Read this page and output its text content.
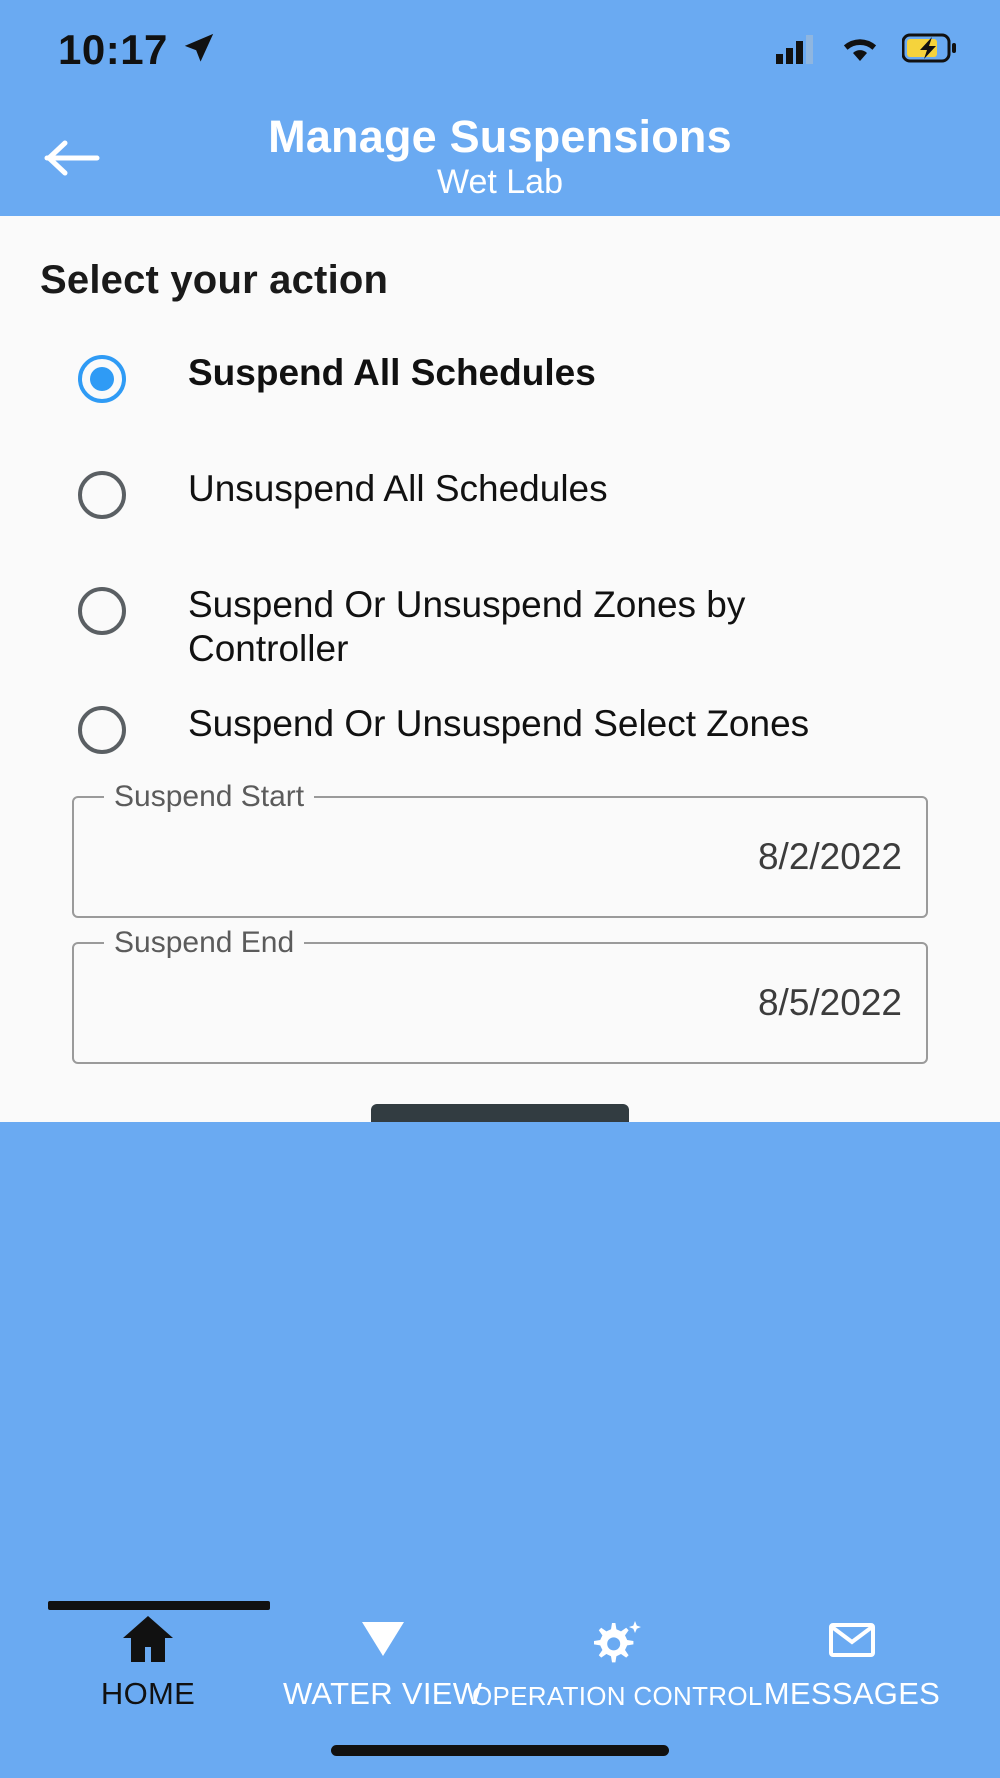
10:17
Manage Suspensions
Wet Lab
Select your action
Suspend All Schedules
Unsuspend All Schedules
Suspend Or Unsuspend Zones by Controller
Suspend Or Unsuspend Select Zones
Suspend Start
8/2/2022
Suspend End
8/5/2022
HOME	WATER VIEW
OPERATION CONTROL MESSAGES
